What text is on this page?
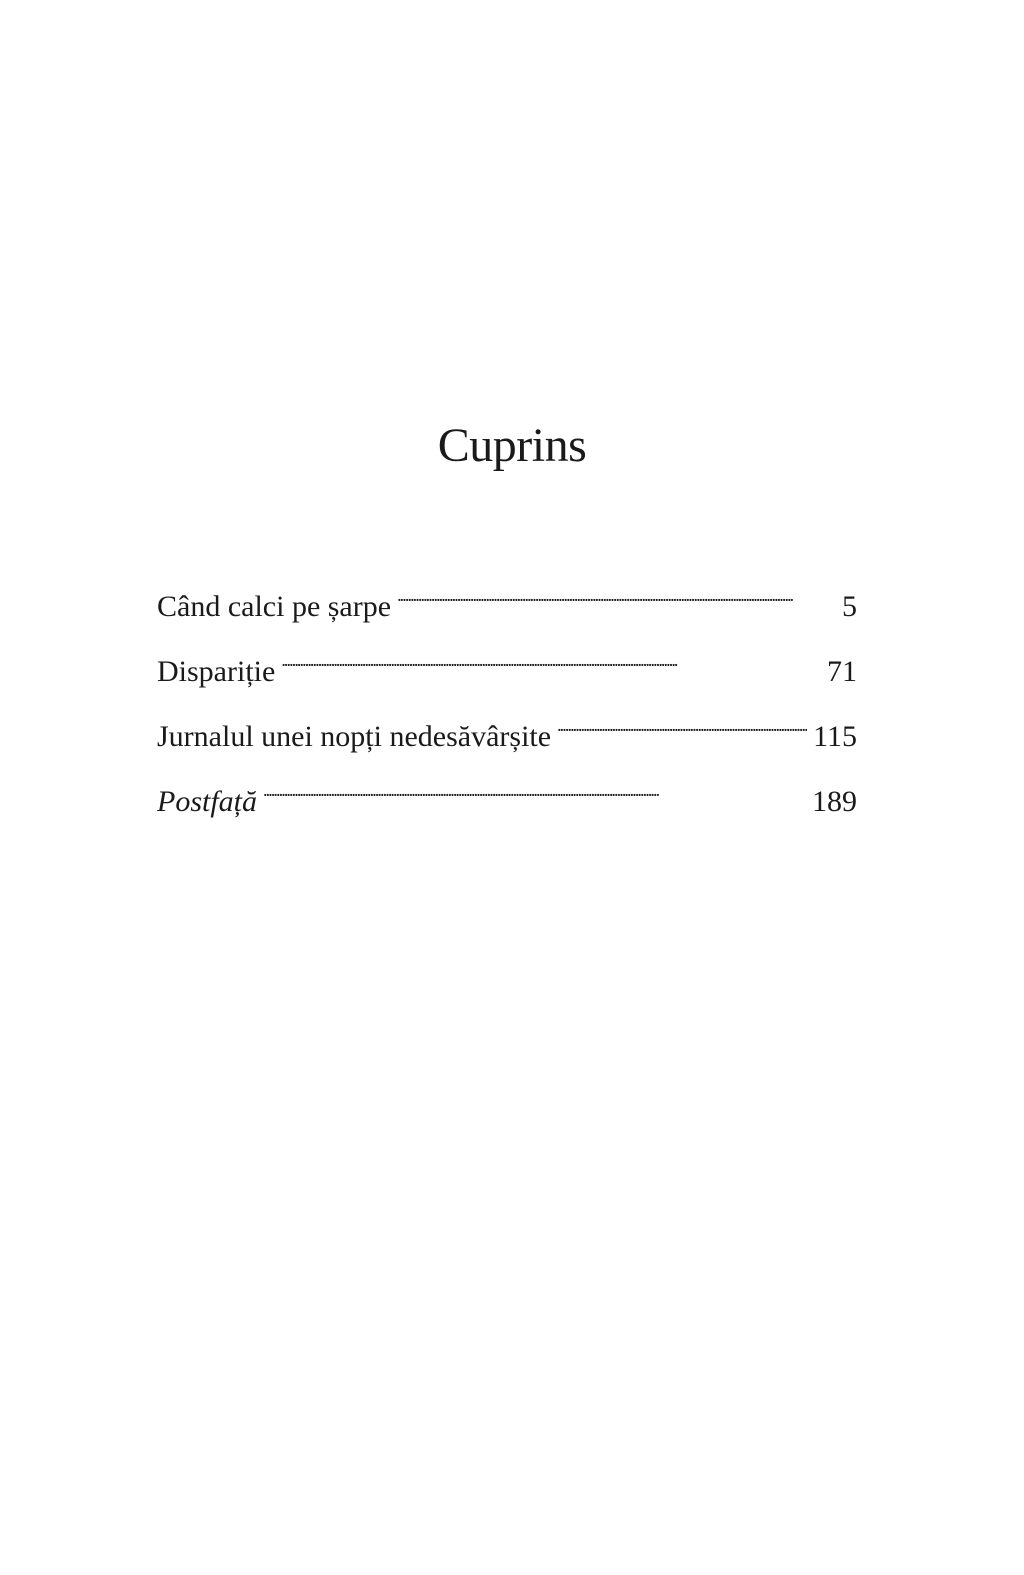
Cuprins
Când calci pe șarpe . . .	5
Dispariție . . .	71
Jurnalul unei nopți nedesăvârșite . . .	115
Postfață . . .	189
